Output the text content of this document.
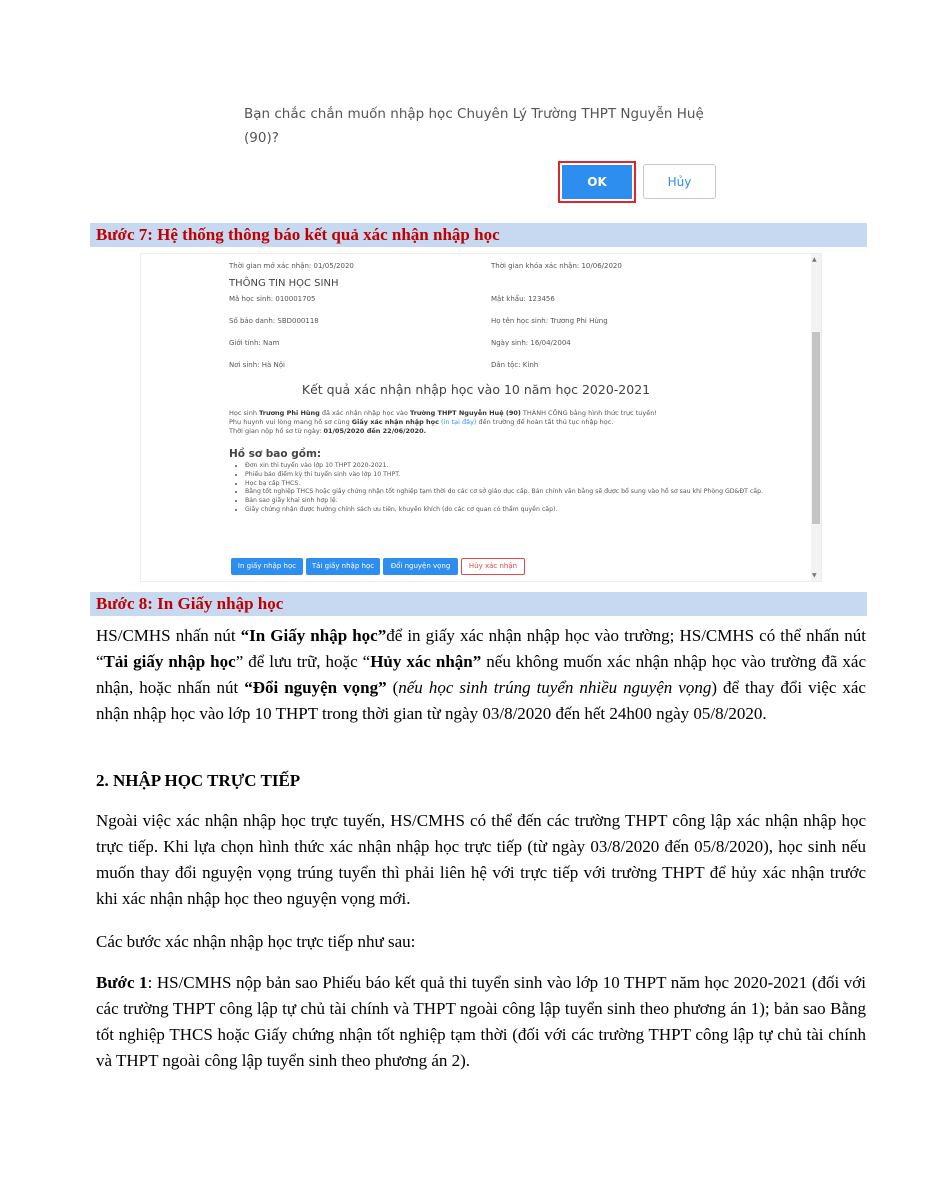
Bạn chắc chắn muốn nhập học Chuyên Lý Trường THPT Nguyễn Huệ (90)?
OK	Hủy
Bước 7: Hệ thống thông báo kết quả xác nhận nhập học
Thời gian mở xác nhận: 01/05/2020	Thời gian khóa xác nhận: 10/06/2020
THÔNG TIN HỌC SINH
Mã học sinh: 010001705	Mật khẩu: 123456
Số báo danh: SBD000118	Họ tên học sinh: Trương Phi Hùng
Giới tính: Nam	Ngày sinh: 16/04/2004
Nơi sinh: Hà Nội	Dân tộc: Kinh
Kết quả xác nhận nhập học vào 10 năm học 2020-2021
Học sinh Trương Phi Hùng đã xác nhận nhập học vào Trường THPT Nguyễn Huệ (90) THÀNH CÔNG bằng hình thức trực tuyến!
Phụ huynh vui lòng mang hồ sơ cùng Giấy xác nhận nhập học (in tại đây) đến trường để hoàn tất thủ tục nhập học.
Thời gian nộp hồ sơ từ ngày: 01/05/2020 đến 22/06/2020.
Hồ sơ bao gồm:
• Đơn xin thi tuyển vào lớp 10 THPT 2020-2021.
• Phiếu báo điểm kỳ thi tuyển sinh vào lớp 10 THPT.
• Học bạ cấp THCS.
• Bằng tốt nghiệp THCS hoặc giấy chứng nhận tốt nghiệp tạm thời do các cơ sở giáo dục cấp. Bản chính văn bằng sẽ được bổ sung vào hồ sơ sau khi Phòng GD&ĐT cấp.
• Bản sao giấy khai sinh hợp lệ.
• Giấy chứng nhận được hưởng chính sách ưu tiên, khuyến khích (do các cơ quan có thẩm quyền cấp).
In giấy nhập học	Tải giấy nhập học	Đổi nguyện vọng	Hủy xác nhận
▲
▼
Bước 8: In Giấy nhập học
HS/CMHS nhấn nút “In Giấy nhập học”để in giấy xác nhận nhập học vào trường; HS/CMHS có thể nhấn nút “Tải giấy nhập học” để lưu trữ, hoặc “Hủy xác nhận” nếu không muốn xác nhận nhập học vào trường đã xác nhận, hoặc nhấn nút “Đổi nguyện vọng” (nếu học sinh trúng tuyển nhiều nguyện vọng) để thay đổi việc xác nhận nhập học vào lớp 10 THPT trong thời gian từ ngày 03/8/2020 đến hết 24h00 ngày 05/8/2020.
2. NHẬP HỌC TRỰC TIẾP
Ngoài việc xác nhận nhập học trực tuyến, HS/CMHS có thể đến các trường THPT công lập xác nhận nhập học trực tiếp. Khi lựa chọn hình thức xác nhận nhập học trực tiếp (từ ngày 03/8/2020 đến 05/8/2020), học sinh nếu muốn thay đổi nguyện vọng trúng tuyển thì phải liên hệ với trực tiếp với trường THPT để hủy xác nhận trước khi xác nhận nhập học theo nguyện vọng mới.
Các bước xác nhận nhập học trực tiếp như sau:
Bước 1: HS/CMHS nộp bản sao Phiếu báo kết quả thi tuyển sinh vào lớp 10 THPT năm học 2020-2021 (đối với các trường THPT công lập tự chủ tài chính và THPT ngoài công lập tuyển sinh theo phương án 1); bản sao Bằng tốt nghiệp THCS hoặc Giấy chứng nhận tốt nghiệp tạm thời (đối với các trường THPT công lập tự chủ tài chính và THPT ngoài công lập tuyển sinh theo phương án 2).
